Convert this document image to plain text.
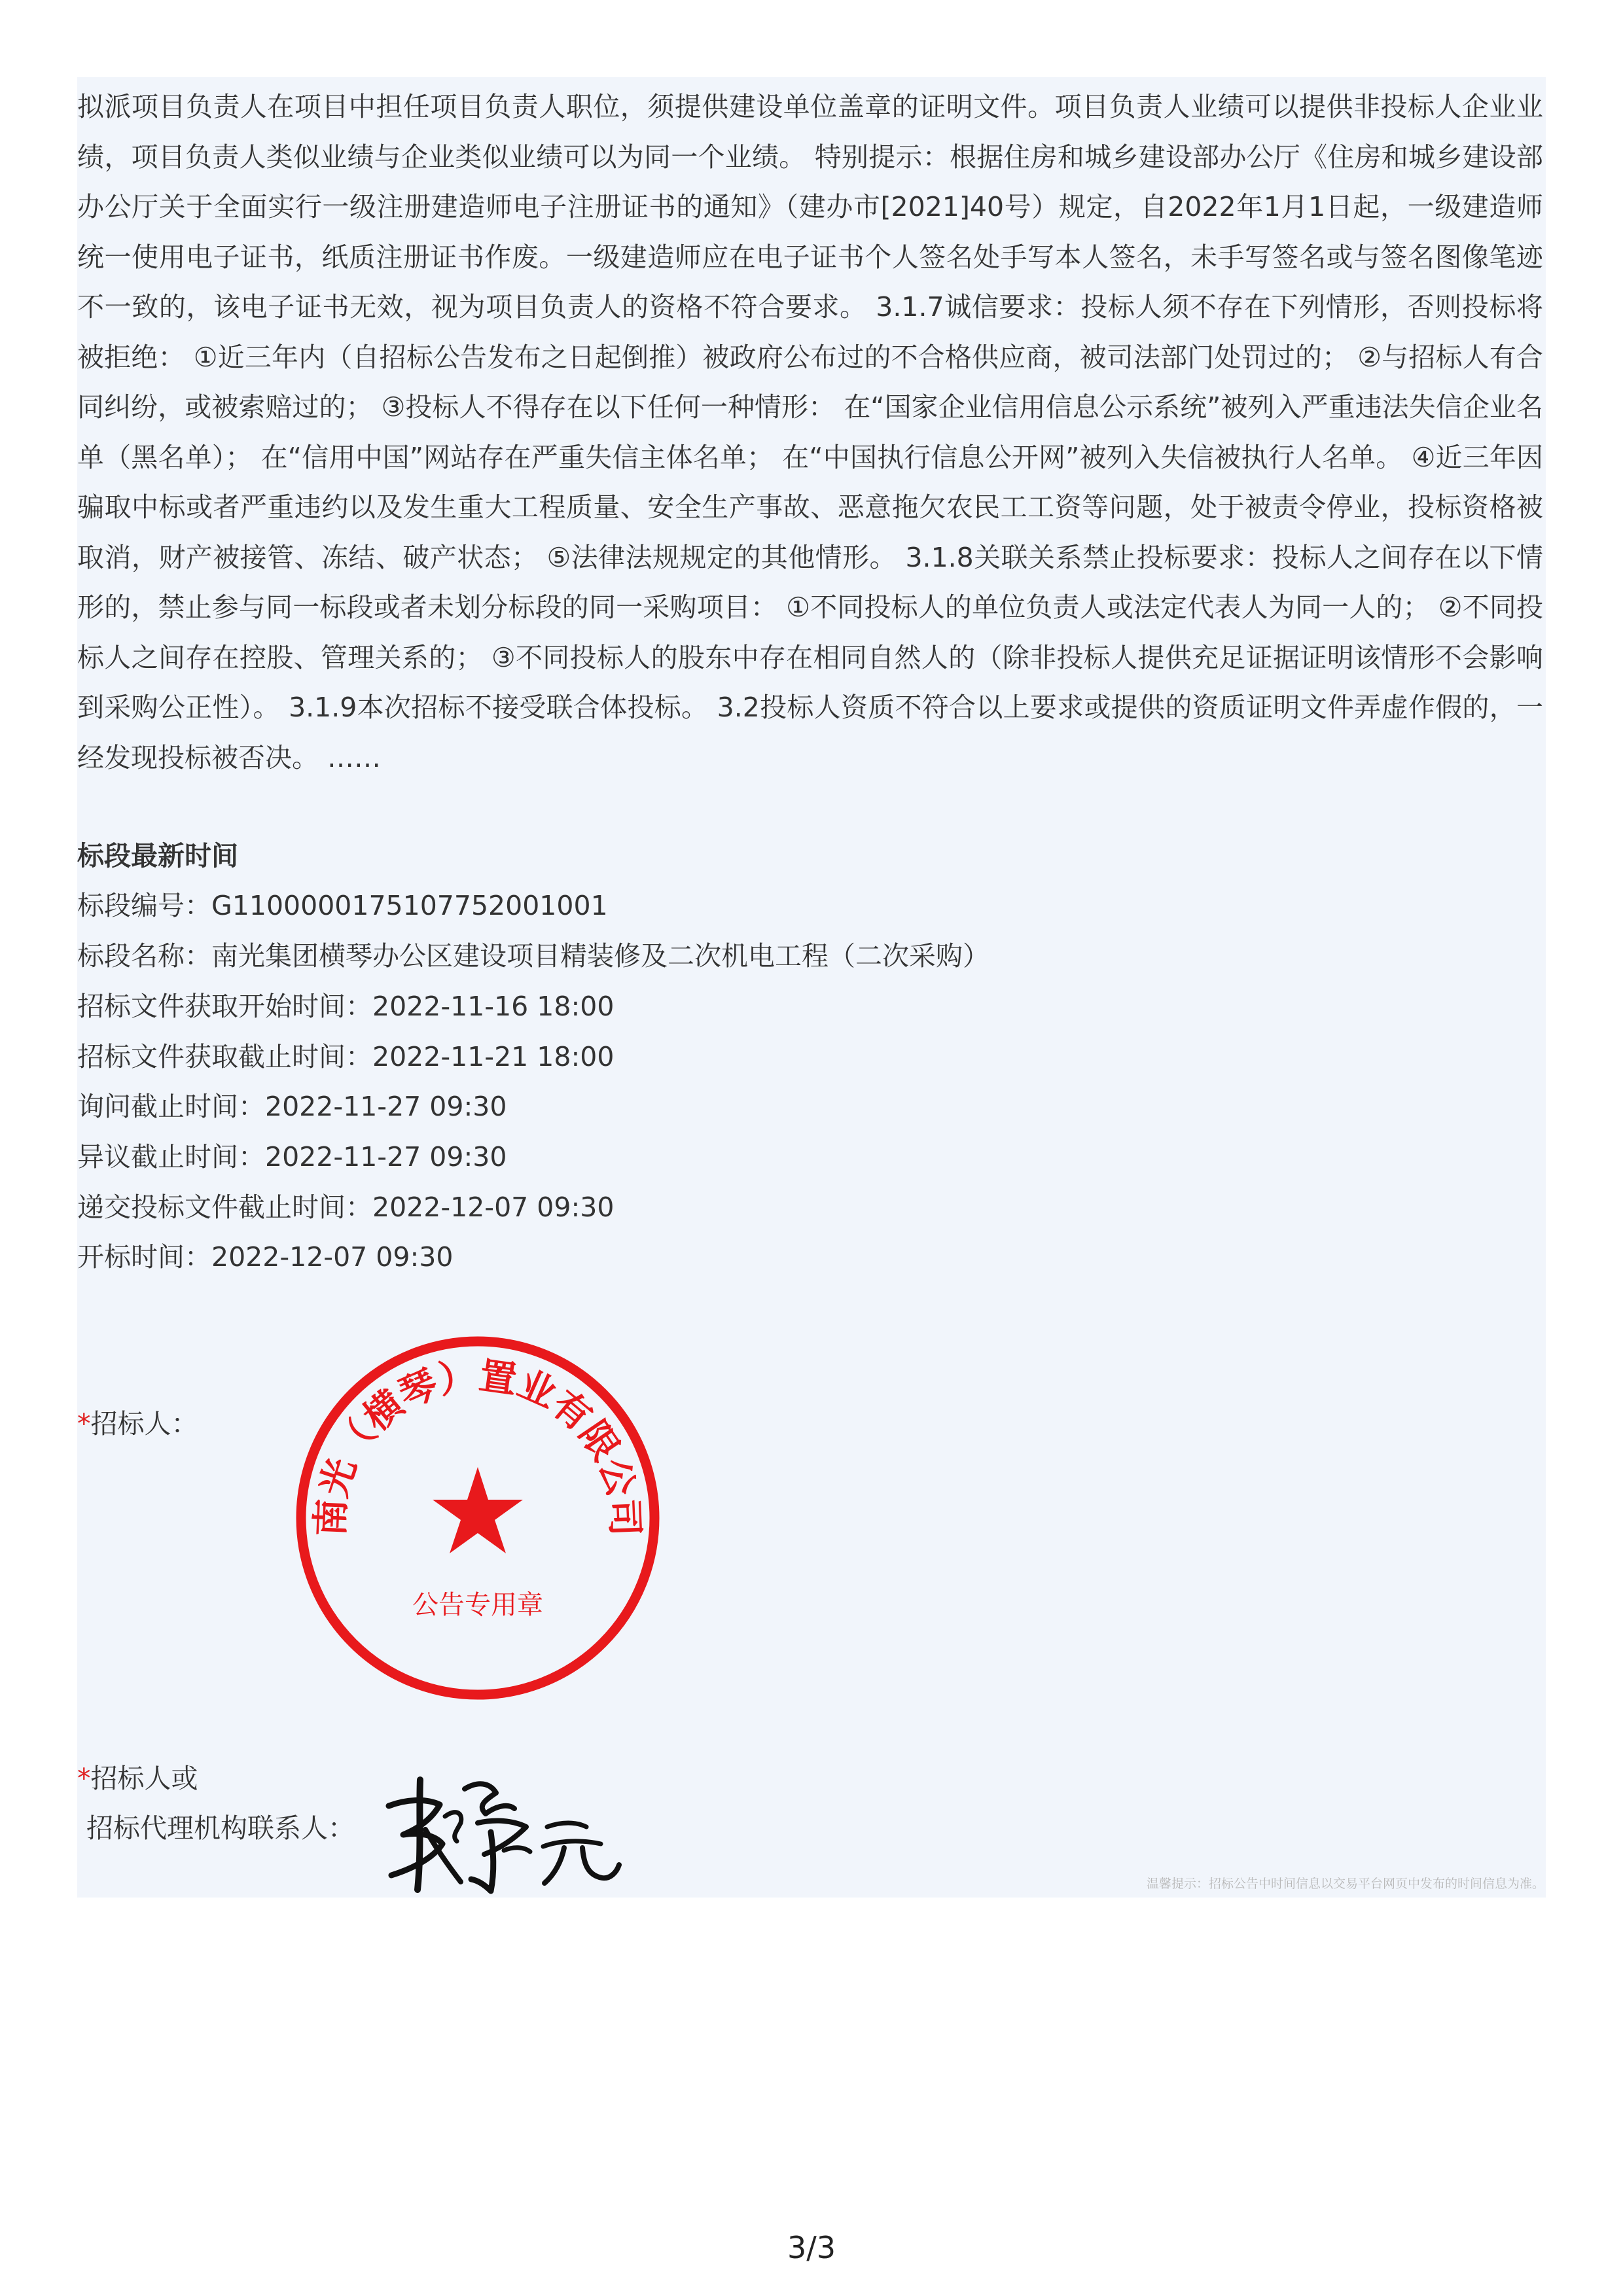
拟派项目负责人在项目中担任项目负责人职位，须提供建设单位盖章的证明文件。项目负责人业绩可以提供非投标人企业业绩，项目负责人类似业绩与企业类似业绩可以为同一个业绩。 特别提示：根据住房和城乡建设部办公厅《住房和城乡建设部办公厅关于全面实行一级注册建造师电子注册证书的通知》（建办市[2021]40号）规定，自2022年1月1日起，一级建造师统一使用电子证书，纸质注册证书作废。一级建造师应在电子证书个人签名处手写本人签名，未手写签名或与签名图像笔迹不一致的，该电子证书无效，视为项目负责人的资格不符合要求。 3.1.7诚信要求：投标人须不存在下列情形，否则投标将被拒绝： ①近三年内（自招标公告发布之日起倒推）被政府公布过的不合格供应商，被司法部门处罚过的； ②与招标人有合同纠纷，或被索赔过的； ③投标人不得存在以下任何一种情形： 在“国家企业信用信息公示系统”被列入严重违法失信企业名单（黑名单）； 在“信用中国”网站存在严重失信主体名单； 在“中国执行信息公开网”被列入失信被执行人名单。 ④近三年因骗取中标或者严重违约以及发生重大工程质量、安全生产事故、恶意拖欠农民工工资等问题，处于被责令停业，投标资格被取消，财产被接管、冻结、破产状态； ⑤法律法规规定的其他情形。 3.1.8关联关系禁止投标要求：投标人之间存在以下情形的，禁止参与同一标段或者未划分标段的同一采购项目： ①不同投标人的单位负责人或法定代表人为同一人的； ②不同投标人之间存在控股、管理关系的； ③不同投标人的股东中存在相同自然人的（除非投标人提供充足证据证明该情形不会影响到采购公正性）。 3.1.9本次招标不接受联合体投标。 3.2投标人资质不符合以上要求或提供的资质证明文件弄虚作假的，一经发现投标被否决。 ……

标段最新时间
标段编号：G1100000175107752001001
标段名称：南光集团横琴办公区建设项目精装修及二次机电工程（二次采购）
招标文件获取开始时间：2022-11-16 18:00
招标文件获取截止时间：2022-11-21 18:00
询问截止时间：2022-11-27 09:30
异议截止时间：2022-11-27 09:30
递交投标文件截止时间：2022-12-07 09:30
开标时间：2022-12-07 09:30
*招标人：
南光（横琴）置业有限公司
公告专用章
*招标人或
招标代理机构联系人：
温馨提示：招标公告中时间信息以交易平台网页中发布的时间信息为准。
3/3
